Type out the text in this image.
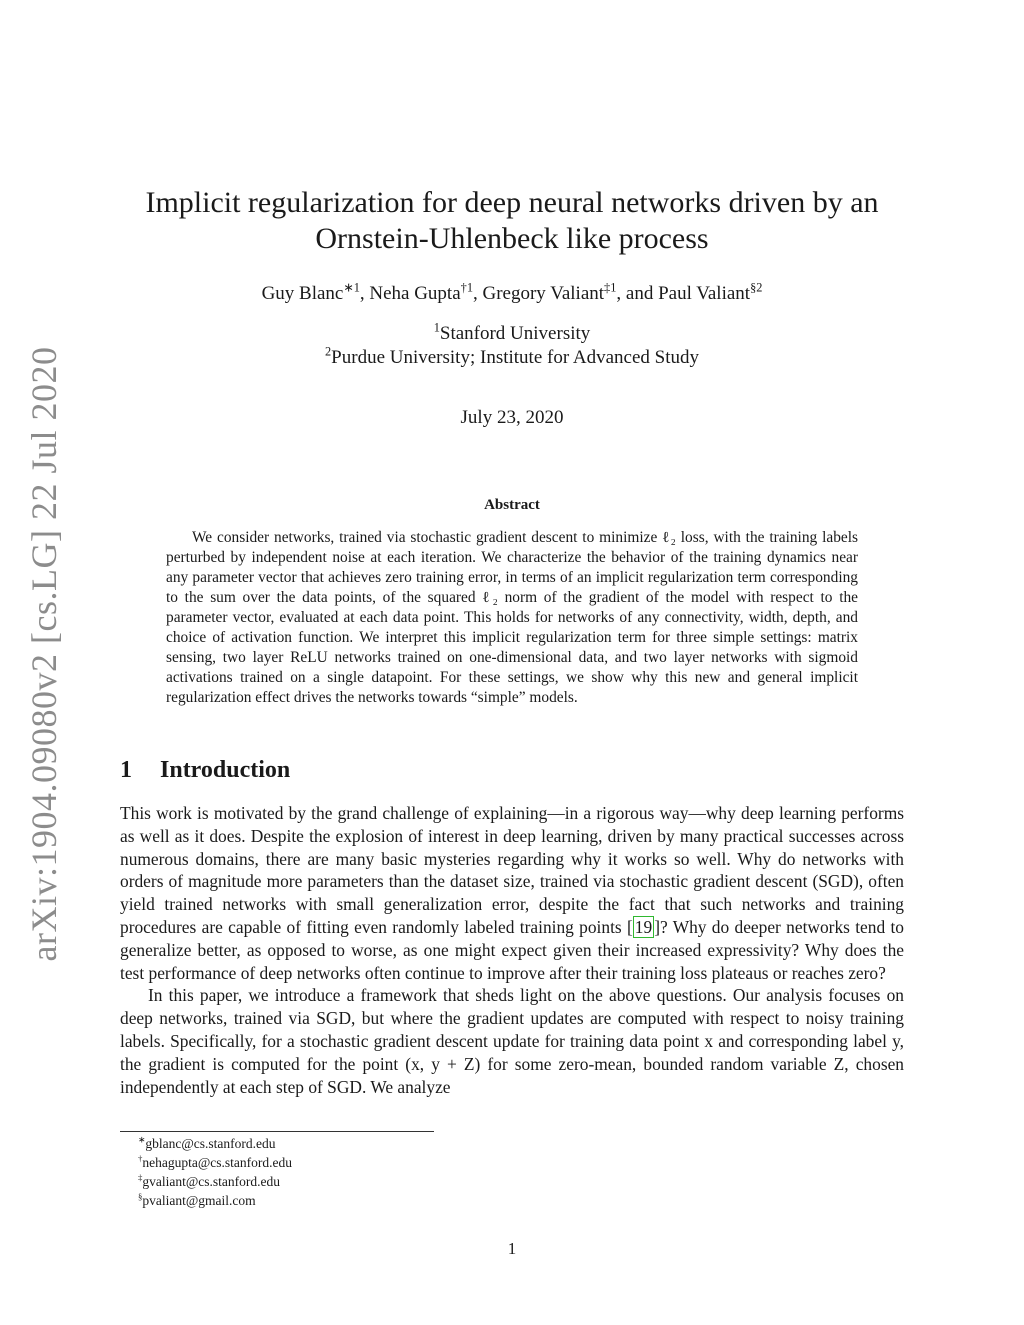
arXiv:1904.09080v2 [cs.LG] 22 Jul 2020
Implicit regularization for deep neural networks driven by an Ornstein-Uhlenbeck like process
Guy Blanc$^{∗1}$, Neha Gupta$^{\dagger 1}$, Gregory Valiant$^{\ddagger 1}$, and Paul Valiant$^{\S 2}$
$^1$Stanford University
$^2$Purdue University; Institute for Advanced Study
July 23, 2020
Abstract
We consider networks, trained via stochastic gradient descent to minimize ℓ₂ loss, with the training labels perturbed by independent noise at each iteration. We characterize the behavior of the training dynamics near any parameter vector that achieves zero training error, in terms of an implicit regularization term corresponding to the sum over the data points, of the squared ℓ₂ norm of the gradient of the model with respect to the parameter vector, evaluated at each data point. This holds for networks of any connectivity, width, depth, and choice of activation function. We interpret this implicit regularization term for three simple settings: matrix sensing, two layer ReLU networks trained on one-dimensional data, and two layer networks with sigmoid activations trained on a single datapoint. For these settings, we show why this new and general implicit regularization effect drives the networks towards “simple” models.
1 Introduction

This work is motivated by the grand challenge of explaining—in a rigorous way—why deep learning performs as well as it does. Despite the explosion of interest in deep learning, driven by many practical successes across numerous domains, there are many basic mysteries regarding why it works so well. Why do networks with orders of magnitude more parameters than the dataset size, trained via stochastic gradient descent (SGD), often yield trained networks with small generalization error, despite the fact that such networks and training procedures are capable of fitting even randomly labeled training points [ 19 ]? Why do deeper networks tend to generalize better, as opposed to worse, as one might expect given their increased expressivity? Why does the test performance of deep networks often continue to improve after their training loss plateaus or reaches zero?

In this paper, we introduce a framework that sheds light on the above questions. Our analysis focuses on deep networks, trained via SGD, but where the gradient updates are computed with respect to noisy training labels. Specifically, for a stochastic gradient descent update for training data point x and corresponding label y, the gradient is computed for the point (x, y + Z) for some zero-mean, bounded random variable Z, chosen independently at each step of SGD. We analyze

∗gblanc@cs.stanford.edu
†nehagupta@cs.stanford.edu
‡gvaliant@cs.stanford.edu
§pvaliant@gmail.com
1
